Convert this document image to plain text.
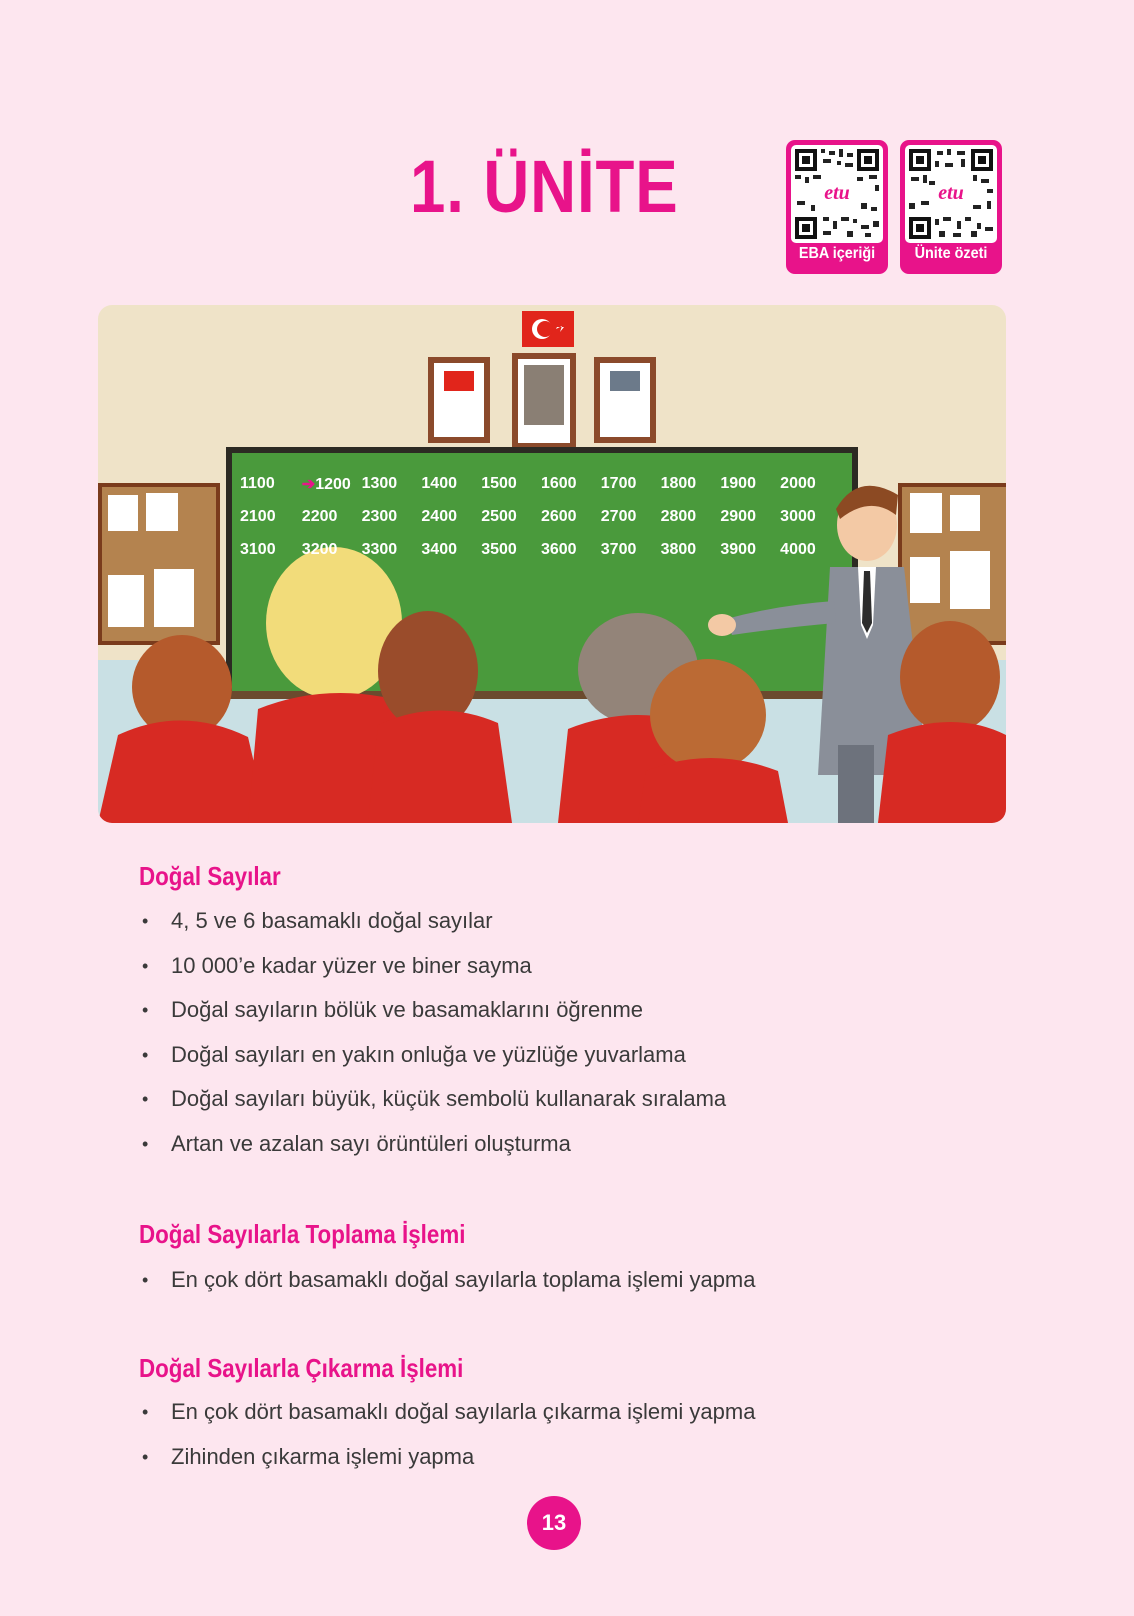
1. ÜNİTE	etu
EBA içeriği
etu
Ünite özeti
1100	➔1200 1300	1400	1500	1600	1700	1800	1900	2000
2100	2200	2300	2400	2500	2600	2700	2800	2900	3000
3100	3200	3300	3400	3500	3600	3700	3800	3900	4000
Doğal Sayılar
• 4, 5 ve 6 basamaklı doğal sayılar
• 10 000’e kadar yüzer ve biner sayma
• Doğal sayıların bölük ve basamaklarını öğrenme
• Doğal sayıları en yakın onluğa ve yüzlüğe yuvarlama
• Doğal sayıları büyük, küçük sembolü kullanarak sıralama
• Artan ve azalan sayı örüntüleri oluşturma
Doğal Sayılarla Toplama İşlemi
• En çok dört basamaklı doğal sayılarla toplama işlemi yapma
Doğal Sayılarla Çıkarma İşlemi
• En çok dört basamaklı doğal sayılarla çıkarma işlemi yapma
• Zihinden çıkarma işlemi yapma
13
